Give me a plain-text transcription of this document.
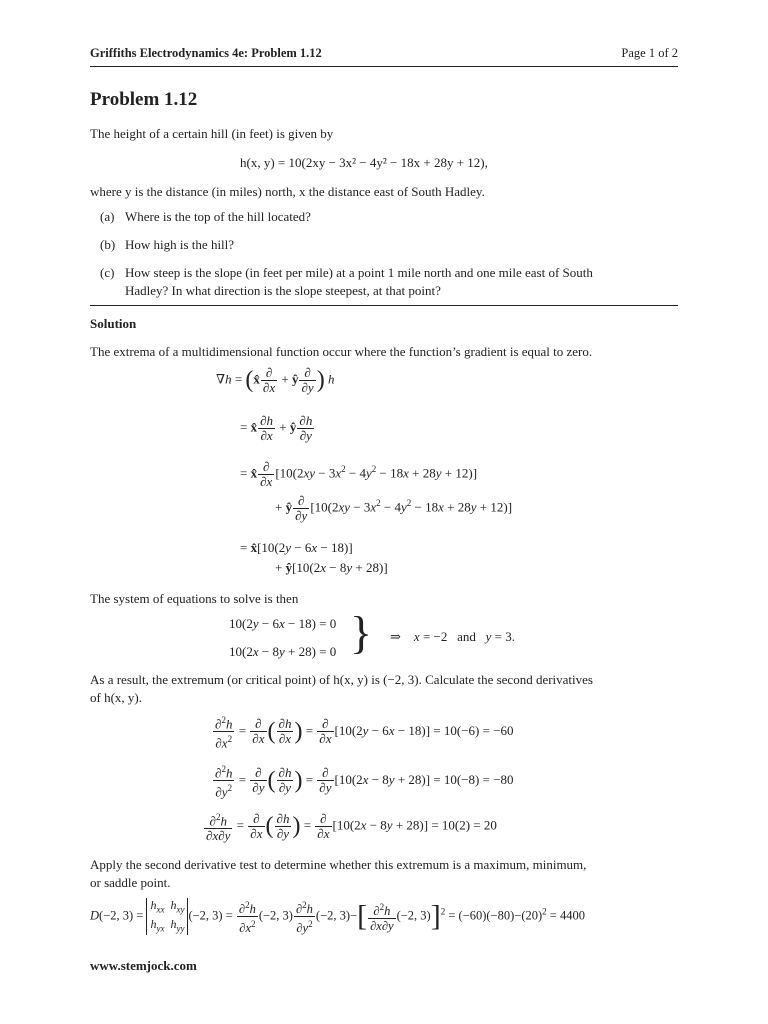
Griffiths Electrodynamics 4e: Problem 1.12	Page 1 of 2
Problem 1.12
The height of a certain hill (in feet) is given by
h(x, y) = 10(2xy − 3x² − 4y² − 18x + 28y + 12),
where y is the distance (in miles) north, x the distance east of South Hadley.
(a) Where is the top of the hill located?
(b) How high is the hill?
(c) How steep is the slope (in feet per mile) at a point 1 mile north and one mile east of South
Hadley? In what direction is the slope steepest, at that point?
Solution
The extrema of a multidimensional function occur where the function’s gradient is equal to zero.
∇h = (x̂ $\frac{\partial}{\partial x}$ + ŷ $\frac{\partial}{\partial y}$ ) h
= x̂ $\frac{\partial h}{\partial x}$ + ŷ $\frac{\partial h}{\partial y}$
= x̂ $\frac{\partial}{\partial x} [10(2xy - 3x^2 - 4y^2 - 18x + 28y + 12)]$
+ ŷ $\frac{\partial}{\partial y} [10(2xy - 3x^2 - 4y^2 - 18x + 28y + 12)]$
= x̂[10(2y − 6x − 18)]
+ ŷ[10(2x − 8y + 28)]
The system of equations to solve is then
10(2y − 6x − 18) = 0
10(2x − 8y + 28) = 0 } ⇒    x = −2   and   y = 3.
As a result, the extremum (or critical point) of h(x, y) is (−2, 3). Calculate the second derivatives
of h(x, y).
$\frac{\partial^2h}{\partial x^2} = \frac{\partial}{\partial x}$ ( $\frac{\partial h}{\partial x}$ ) = $\frac{\partial}{\partial x} [10(2y - 6x - 18)] = 10(-6) = -60$
$\frac{\partial^2h}{\partial y^2} = \frac{\partial}{\partial y}$ ( $\frac{\partial h}{\partial y}$ ) = $\frac{\partial}{\partial y} [10(2x - 8y + 28)] = 10(-8) = -80$
$\frac{\partial^2h}{\partial x\partial y} = \frac{\partial}{\partial x}$ ( $\frac{\partial h}{\partial y}$ ) = $\frac{\partial}{\partial x} [10(2x - 8y + 28)] = 10(2) = 20$
Apply the second derivative test to determine whether this extremum is a maximum, minimum,
or saddle point.
D(−2, $3) = h_{xx}$ $h_{xy}$
$h_{yx}$ $h_{yy}(-2$, $3) = \frac{\partial^2h}{\partial x^2} (-2$, $3) \frac{\partial^2h}{\partial y^2} (-2$, $3)-[ \frac{\partial^2h}{\partial x\partial y} (-2$, $3)]^2 = (-60)(-80)-(20)^2 = 4400$
www.stemjock.com
